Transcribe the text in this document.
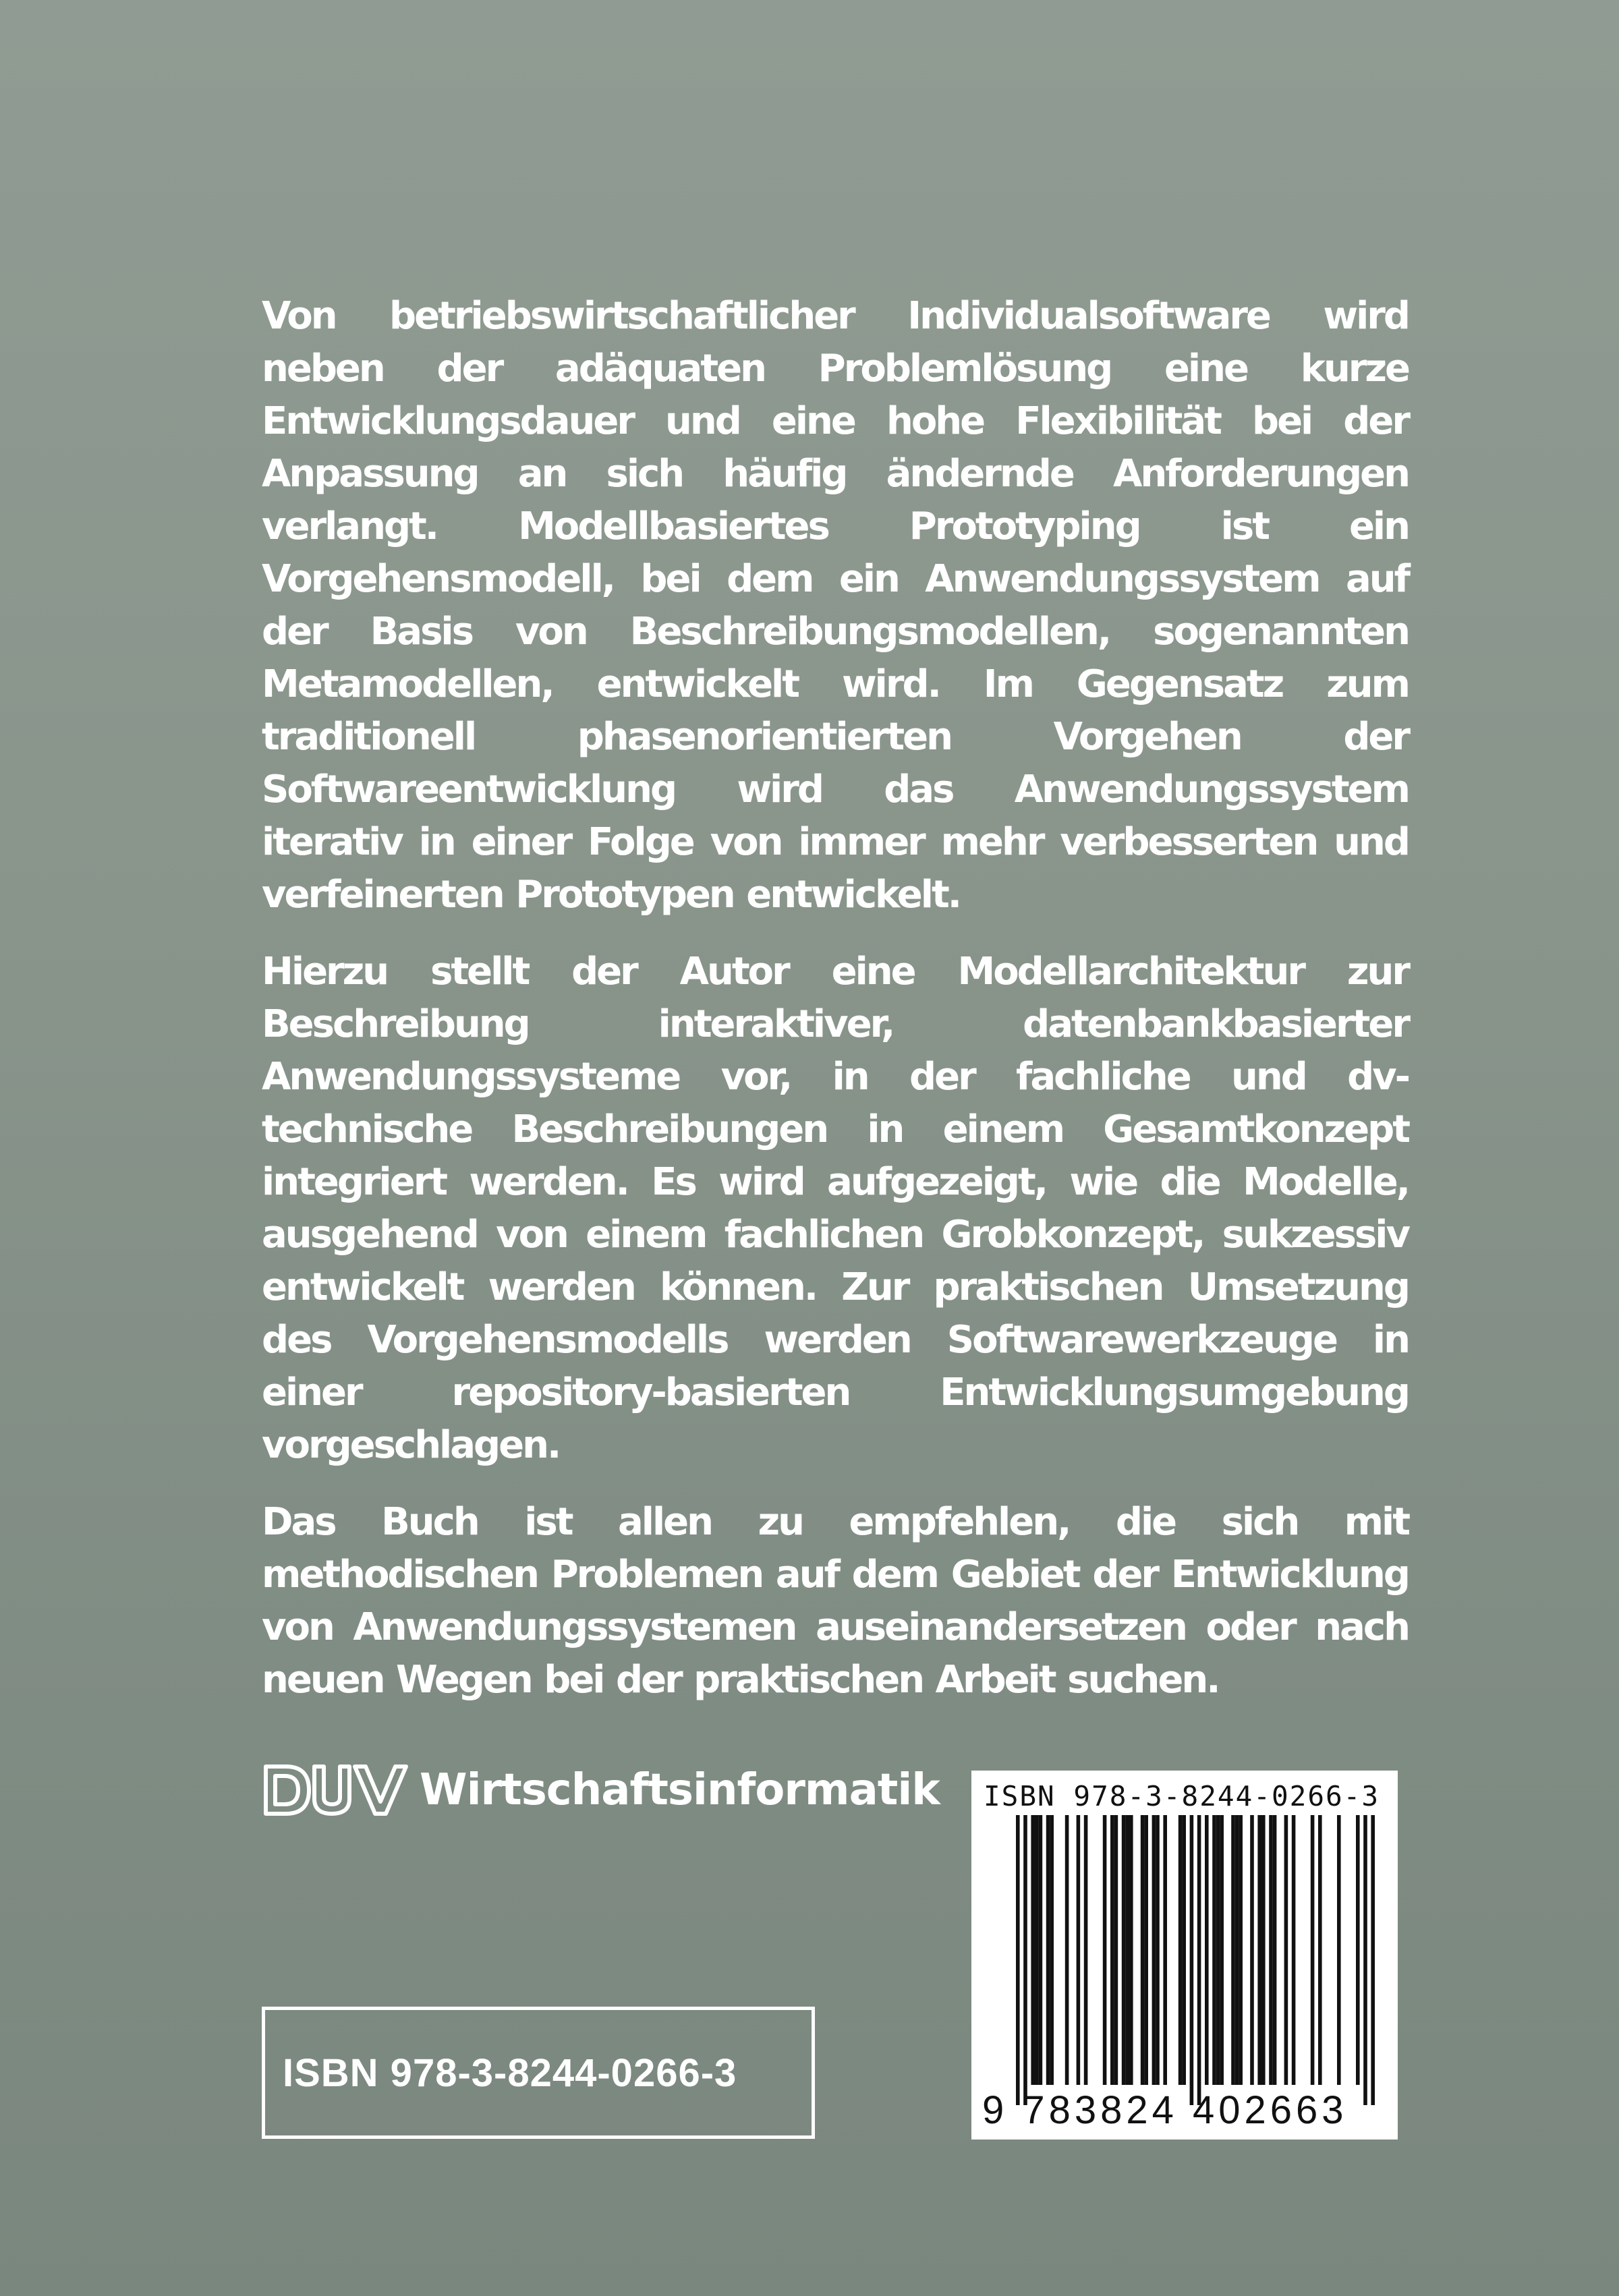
Von betriebswirtschaftlicher Individualsoftware wird neben der adäquaten Problemlösung eine kurze Entwicklungsdauer und eine hohe Flexibilität bei der Anpassung an sich häufig ändernde Anforderungen verlangt. Modellbasiertes Prototyping ist ein Vorgehensmodell, bei dem ein Anwendungssystem auf der Basis von Beschreibungsmodellen, sogenannten Metamodellen, entwickelt wird. Im Gegensatz zum traditionell phasenorientierten Vorgehen der Softwareentwicklung wird das Anwendungssystem iterativ in einer Folge von immer mehr verbesserten und verfeinerten Prototypen entwickelt.

Hierzu stellt der Autor eine Modellarchitektur zur Beschreibung interaktiver, datenbankbasierter Anwendungssysteme vor, in der fachliche und dv-technische Beschreibungen in einem Gesamtkonzept integriert werden. Es wird aufgezeigt, wie die Modelle, ausgehend von einem fachlichen Grobkonzept, sukzessiv entwickelt werden können. Zur praktischen Umsetzung des Vorgehensmodells werden Softwarewerkzeuge in einer repository-basierten Entwicklungsumgebung vorgeschlagen.

Das Buch ist allen zu empfehlen, die sich mit methodischen Problemen auf dem Gebiet der Entwicklung von Anwendungssystemen auseinandersetzen oder nach neuen Wegen bei der praktischen Arbeit suchen.

Wirtschaftsinformatik
ISBN 978-3-8244-0266-3
ISBN 978-3-8244-0266-3
9 783824 402663
